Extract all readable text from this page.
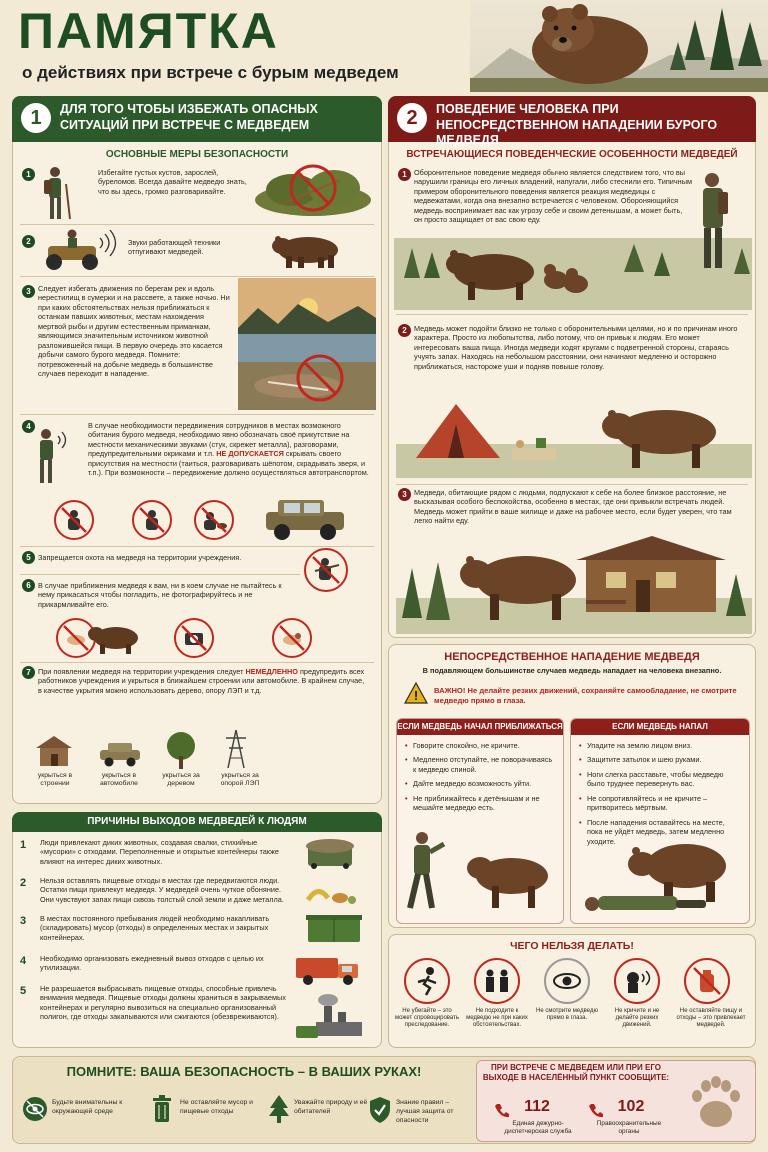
ПАМЯТКА
о действиях при встрече с бурым медведем
1	ДЛЯ ТОГО ЧТОБЫ ИЗБЕЖАТЬ ОПАСНЫХ СИТУАЦИЙ ПРИ ВСТРЕЧЕ С МЕДВЕДЕМ
ОСНОВНЫЕ МЕРЫ БЕЗОПАСНОСТИ
1	Избегайте густых кустов, зарослей, буреломов. Всегда давайте медведю знать, что вы здесь, громко разговаривайте.
2	Звуки работающей техники отпугивают медведей.
3 Следует избегать движения по берегам рек и вдоль нерестилищ в сумерки и на рассвете, а также ночью. Ни при каких обстоятельствах нельзя приближаться к останкам павших животных, местам нахождения мертвой рыбы и другим естественным приманкам, являющимся значительным источником животной разложившейся пищи. В первую очередь это касается добычи самого бурого медведя. Помните: потревоженный на добыче медведь в большинстве случаев переходит в нападение.
4	В случае необходимости передвижения сотрудников в местах возможного обитания бурого медведя, необходимо явно обозначать своё прикутствие на местности механическими звуками (стук, скрежет металла), разговорами, предупредительными окриками и т.п. НЕ ДОПУСКАЕТСЯ скрывать своего присутствия на местности (таиться, разговаривать шёпотом, скрадывать зверя, и т.п.). При возможности – передвижение должно осуществляться автотранспортом.
5 Запрещается охота на медведя на территории учреждения.
6 В случае приближения медведя к вам, ни в коем случае не пытайтесь к нему прикасаться чтобы погладить, не фотографируйтесь и не прикармливайте его.
7 При появлении медведя на территории учреждения следует НЕМЕДЛЕННО предупредить всех работников учреждения и укрыться в ближайшем строении или автомобиле. В крайнем случае, в качестве укрытия можно использовать дерево, опору ЛЭП и т.д.
укрыться в строении
укрыться в автомобиле
укрыться за деревом
укрыться за опорой ЛЭП
ПРИЧИНЫ ВЫХОДОВ МЕДВЕДЕЙ К ЛЮДЯМ
1 Люди привлекают диких животных, создавая свалки, стихийные «мусорки» с отходами. Переполненные и открытые контейнеры также влияют на интерес диких животных.
2 Нельзя оставлять пищевые отходы в местах где передвигаются люди. Остатки пищи привлекут медведя. У медведей очень чуткое обоняние. Они чувствуют запах пищи сквозь толстый слой земли и даже металла.
3 В местах постоянного пребывания людей необходимо накапливать (складировать) мусор (отходы) в определенных местах и закрытых контейнерах.
4 Необходимо организовать ежедневный вывоз отходов с целью их утилизации.
5 Не разрешается выбрасывать пищевые отходы, способные привлечь внимания медведя. Пищевые отходы должны храниться в закрываемых контейнерах и регулярно вывозиться на специально организованный полигон, где отходы закапываются или сжигаются (обезвреживаются).
2	ПОВЕДЕНИЕ ЧЕЛОВЕКА ПРИ НЕПОСРЕДСТВЕННОМ НАПАДЕНИИ БУРОГО МЕДВЕДЯ
ВСТРЕЧАЮЩИЕСЯ ПОВЕДЕНЧЕСКИЕ ОСОБЕННОСТИ МЕДВЕДЕЙ
1 Оборонительное поведение медведя обычно является следствием того, что вы нарушили границы его личных владений, напугали, либо стеснили его. Типичным примером оборонительного поведения является реакция медведицы с медвежатами, когда она внезапно встречается с человеком. Обороняющийся медведь воспринимает вас как угрозу себе и своим детенышам, а может быть, он просто защищает от вас свою еду.
2 Медведь может подойти близко не только с оборонительными целями, но и по причинам иного характера. Просто из любопытства, либо потому, что он привык к людям. Его может интересовать ваша пища. Иногда медведи ходят кругами с подветренной стороны, стараясь учуять запах. Находясь на небольшом расстоянии, они начинают медленно и осторожно приближаться, настороже уши и подняв повыше голову.
3 Медведи, обитающие рядом с людьми, подпускают к себе на более близкое расстояние, не высказывая особого беспокойства, особенно в местах, где они привыкли встречать людей. Медведь может прийти в ваше жилище и даже на рабочее место, если будет уверен, что там легко найти еду.
НЕПОСРЕДСТВЕННОЕ НАПАДЕНИЕ МЕДВЕДЯ
В подавляющем большинстве случаев медведь нападает на человека внезапно.
! ВАЖНО! Не делайте резких движений, сохраняйте самообладание, не смотрите медведю прямо в глаза.
ЕСЛИ МЕДВЕДЬ НАЧАЛ ПРИБЛИЖАТЬСЯ
• Говорите спокойно, не кричите.
• Медленно отступайте, не поворачиваясь к медведю спиной.
• Дайте медведю возможность уйти.
• Не приближайтесь к детёнышам и не мешайте медведю есть.
ЕСЛИ МЕДВЕДЬ НАПАЛ
• Упадите на землю лицом вниз.
• Защитите затылок и шею руками.
• Ноги слегка расставьте, чтобы медведю было труднее перевернуть вас.
• Не сопротивляйтесь и не кричите – притворитесь мёртвым.
• После нападения оставайтесь на месте, пока не уйдёт медведь, затем медленно уходите.
ЧЕГО НЕЛЬЗЯ ДЕЛАТЬ!
Не убегайте – это может спровоцировать преследование.
Не подходите к медведю не при каких обстоятельствах.
Не смотрите медведю прямо в глаза.
Не кричите и не делайте резких движений.
Не оставляйте пищу и отходы – это привлекает медведей.
ПОМНИТЕ: ВАША БЕЗОПАСНОСТЬ – В ВАШИХ РУКАХ!
Будьте внимательны к окружающей среде
Не оставляйте мусор и пищевые отходы
Уважайте природу и её обитателей
Знание правил – лучшая защита от опасности
ПРИ ВСТРЕЧЕ С МЕДВЕДЕМ ИЛИ ПРИ ЕГО ВЫХОДЕ В НАСЕЛЁННЫЙ ПУНКТ СООБЩИТЕ:
112
Единая дежурно-диспетчерская служба
102
Правоохранительные органы
